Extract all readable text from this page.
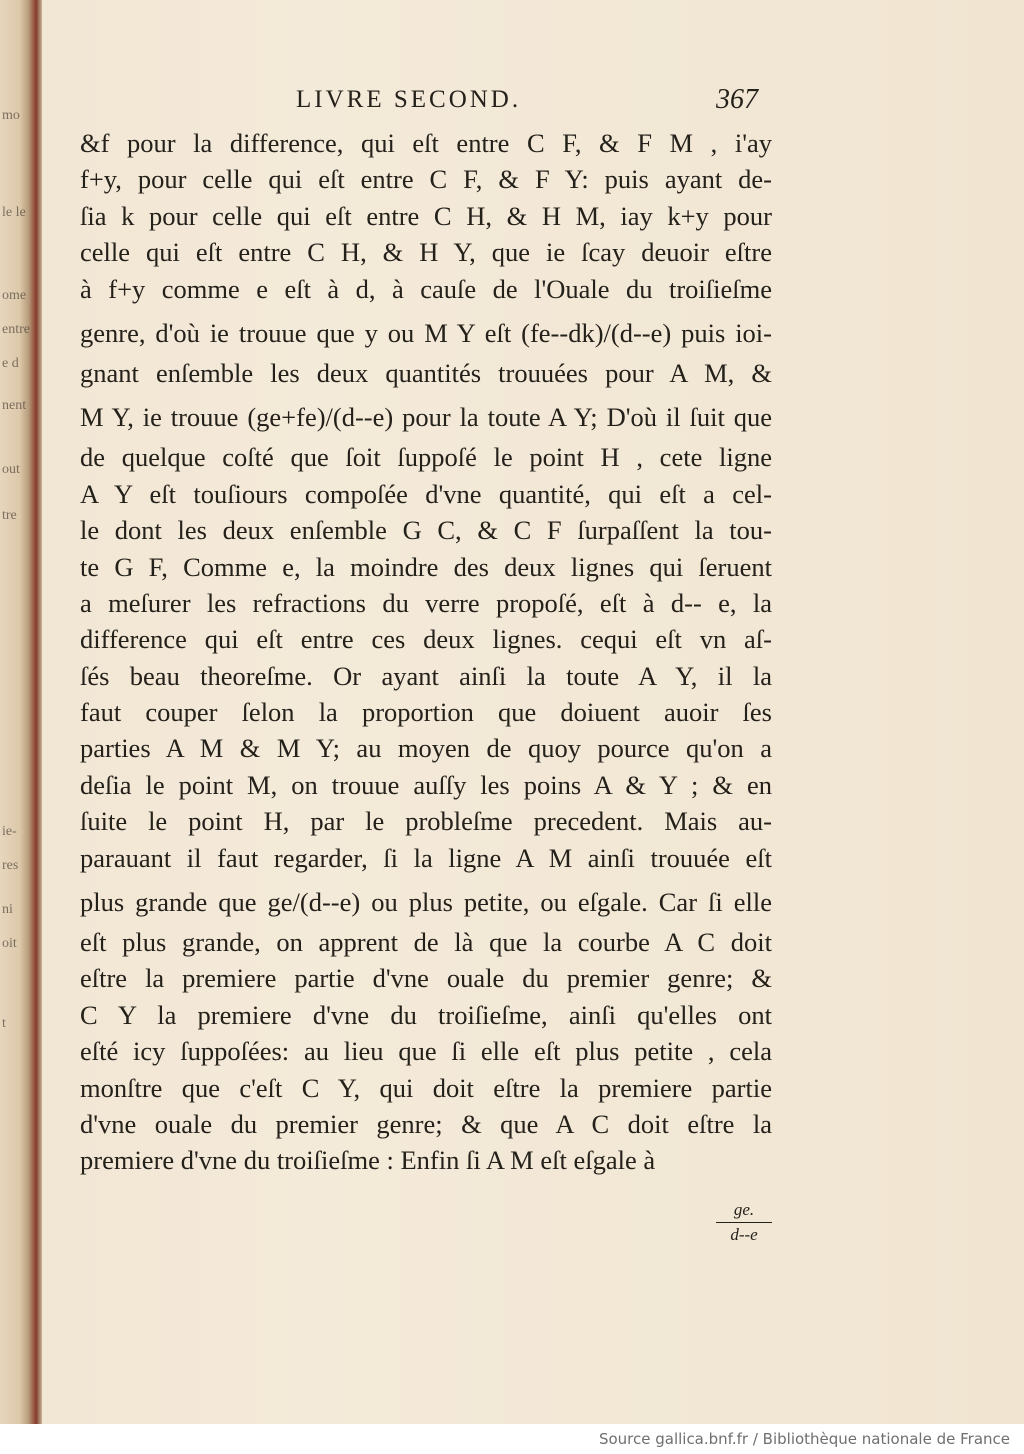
mo
le le
ome
entre
e d
nent
out
tre
ie-
res
ni
oit
t
LIVRE SECOND.	367
&f pour la difference, qui eſt entre C F, & F M , i'ay
f+y, pour celle qui eſt entre C F, & F Y: puis ayant de-
ſia k pour celle qui eſt entre C H, & H M, iay k+y pour
celle qui eſt entre C H, & H Y, que ie ſcay deuoir eſtre
à f+y comme e eſt à d, à cauſe de l'Ouale du troiſieſme
genre, d'où ie trouue que y ou M Y eſt (fe--dk)/(d--e) puis ioi-
gnant enſemble les deux quantités trouuées pour A M, &
M Y, ie trouue (ge+fe)/(d--e) pour la toute A Y; D'où il ſuit que
de quelque coſté que ſoit ſuppoſé le point H , cete ligne
A Y eſt touſiours compoſée d'vne quantité, qui eſt a cel-
le dont les deux enſemble G C, & C F ſurpaſſent la tou-
te G F, Comme e, la moindre des deux lignes qui ſeruent
a meſurer les refractions du verre propoſé, eſt à d-- e, la
difference qui eſt entre ces deux lignes. cequi eſt vn aſ-
ſés beau theoreſme. Or ayant ainſi la toute A Y, il la
faut couper ſelon la proportion que doiuent auoir ſes
parties A M & M Y; au moyen de quoy pource qu'on a
deſia le point M, on trouue auſſy les poins A & Y ; & en
ſuite le point H, par le probleſme precedent. Mais au-
parauant il faut regarder, ſi la ligne A M ainſi trouuée eſt
plus grande que ge/(d--e) ou plus petite, ou eſgale. Car ſi elle
eſt plus grande, on apprent de là que la courbe A C doit
eſtre la premiere partie d'vne ouale du premier genre; &
C Y la premiere d'vne du troiſieſme, ainſi qu'elles ont
eſté icy ſuppoſées: au lieu que ſi elle eſt plus petite , cela
monſtre que c'eſt C Y, qui doit eſtre la premiere partie
d'vne ouale du premier genre; & que A C doit eſtre la
premiere d'vne du troiſieſme : Enfin ſi A M eſt eſgale à
$\frac{ge.}{d--e}$
Source gallica.bnf.fr / Bibliothèque nationale de France
